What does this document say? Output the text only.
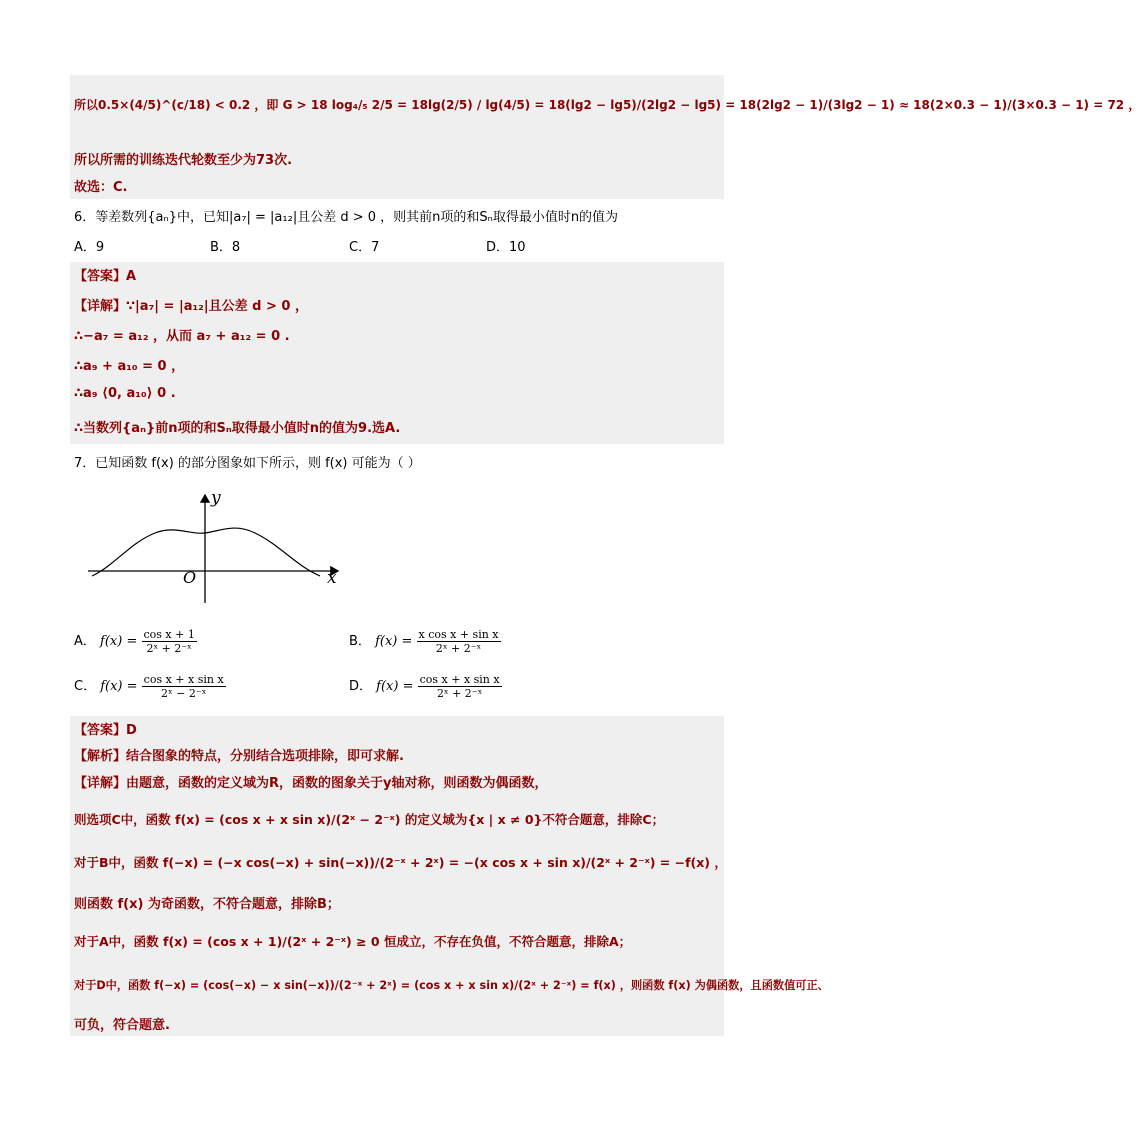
所以0.5×(4/5)^(c/18) < 0.2 ，即 G > 18 log₄/₅ 2/5 = 18lg(2/5) / lg(4/5) = 18(lg2 − lg5)/(2lg2 − lg5) = 18(2lg2 − 1)/(3lg2 − 1) ≈ 18(2×0.3 − 1)/(3×0.3 − 1) = 72 ，
所以所需的训练迭代轮数至少为73次.
故选：C.
6．等差数列{aₙ}中，已知|a₇| = |a₁₂|且公差 d > 0 ，则其前n项的和Sₙ取得最小值时n的值为
A．9	B．8	C．7	D．10
【答案】A
【详解】∵|a₇| = |a₁₂|且公差 d > 0 ，
∴−a₇ = a₁₂ ，从而 a₇ + a₁₂ = 0 .
∴a₉ + a₁₀ = 0 ，
∴a₉ ⟨0, a₁₀⟩ 0 .
∴当数列{aₙ}前n项的和Sₙ取得最小值时n的值为9.选A.
7．已知函数 f(x) 的部分图象如下所示，则 f(x) 可能为（ ）
y
x
O
A． $f(x) = \frac{\text{cos x + 1}}{\text{2ˣ + 2⁻ˣ}}$	B． $f(x) = \frac{\text{x cos x + sin x}}{\text{2ˣ + 2⁻ˣ}}$
C． $f(x) = \frac{\text{cos x + x sin x}}{\text{2ˣ − 2⁻ˣ}}$	D． $f(x) = \frac{\text{cos x + x sin x}}{\text{2ˣ + 2⁻ˣ}}$
【答案】D
【解析】结合图象的特点，分别结合选项排除，即可求解.
【详解】由题意，函数的定义域为R，函数的图象关于y轴对称，则函数为偶函数，
则选项C中，函数 f(x) = (cos x + x sin x)/(2ˣ − 2⁻ˣ) 的定义域为{x | x ≠ 0}不符合题意，排除C；
对于B中，函数 f(−x) = (−x cos(−x) + sin(−x))/(2⁻ˣ + 2ˣ) = −(x cos x + sin x)/(2ˣ + 2⁻ˣ) = −f(x) ，
则函数 f(x) 为奇函数，不符合题意，排除B；
对于A中，函数 f(x) = (cos x + 1)/(2ˣ + 2⁻ˣ) ≥ 0 恒成立，不存在负值，不符合题意，排除A；
对于D中，函数 f(−x) = (cos(−x) − x sin(−x))/(2⁻ˣ + 2ˣ) = (cos x + x sin x)/(2ˣ + 2⁻ˣ) = f(x) ，则函数 f(x) 为偶函数，且函数值可正、
可负，符合题意.
